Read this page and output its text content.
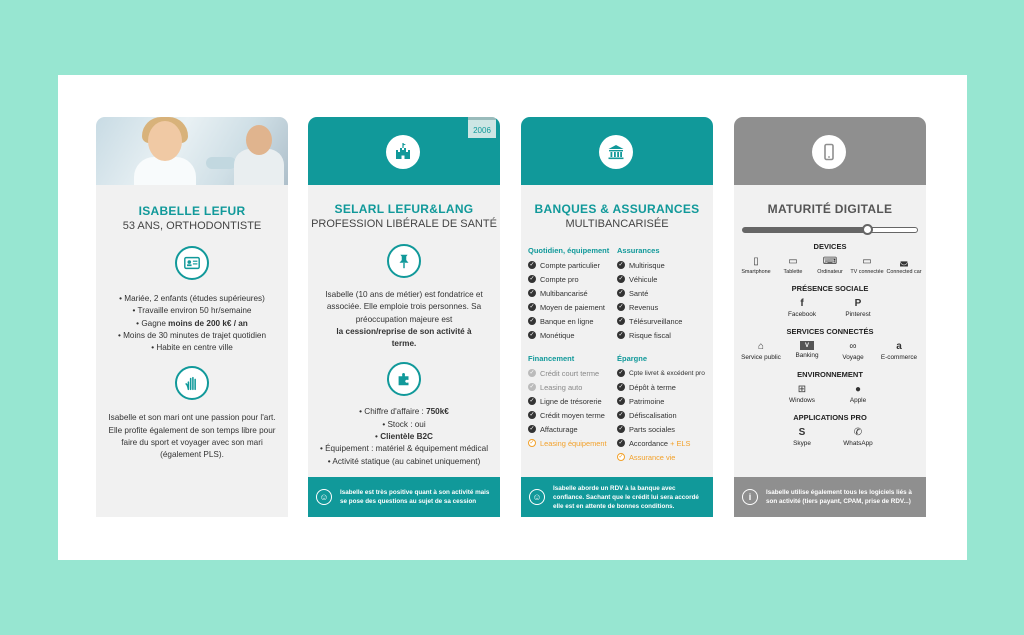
ISABELLE LEFUR
53 ANS, ORTHODONTISTE
• Mariée, 2 enfants (études supérieures)
• Travaille environ 50 hr/semaine
• Gagne moins de 200 k€ / an
• Moins de 30 minutes de trajet quotidien
• Habite en centre ville
Isabelle et son mari ont une passion pour l'art. Elle profite également de son temps libre pour faire du sport et voyager avec son mari (également PLS).
2006
SELARL LEFUR&LANG
PROFESSION LIBÉRALE DE SANTÉ
Isabelle (10 ans de métier) est fondatrice et associée. Elle emploie trois personnes. Sa préoccupation majeure est
la cession/reprise de son activité à terme.
• Chiffre d'affaire : 750k€
• Stock : oui
• Clientèle B2C
• Équipement : matériel & équipement médical
• Activité statique (au cabinet uniquement)
☺	Isabelle est très positive quant à son activité mais se pose des questions au sujet de sa cession
BANQUES & ASSURANCES
MULTIBANCARISÉE
Quotidien, équipement
✓ Compte particulier
✓ Compte pro
✓ Multibancarisé
✓ Moyen de paiement
✓ Banque en ligne
✓ Monétique
Assurances
✓ Multirisque
✓ Véhicule
✓ Santé
✓ Revenus
✓ Télésurveillance
✓ Risque fiscal
Financement
✓ Crédit court terme
✓ Leasing auto
✓ Ligne de trésorerie
✓ Crédit moyen terme
✓ Affacturage
✓ Leasing équipement
Épargne
✓ Cpte livret & excédent pro
✓ Dépôt à terme
✓ Patrimoine
✓ Défiscalisation
✓ Parts sociales
✓ Accordance
+ ELS
✓ Assurance vie
☺
Isabelle aborde un RDV à la banque avec confiance. Sachant que le crédit lui sera accordé elle est en attente de bonnes conditions.
MATURITÉ DIGITALE
DEVICES
▯
Smartphone
▭
Tablette
⌨
Ordinateur
▭
TV connectée
◛
Connected car
PRÉSENCE SOCIALE
f
Facebook
P
Pinterest
SERVICES CONNECTÉS
⌂
Service public
V
Banking
∞
Voyage
a
E-commerce
ENVIRONNEMENT
⊞
Windows
●
Apple
APPLICATIONS PRO
S
Skype
✆
WhatsApp
i	Isabelle utilise également tous les logiciels liés à son activité (tiers payant, CPAM, prise de RDV...)
